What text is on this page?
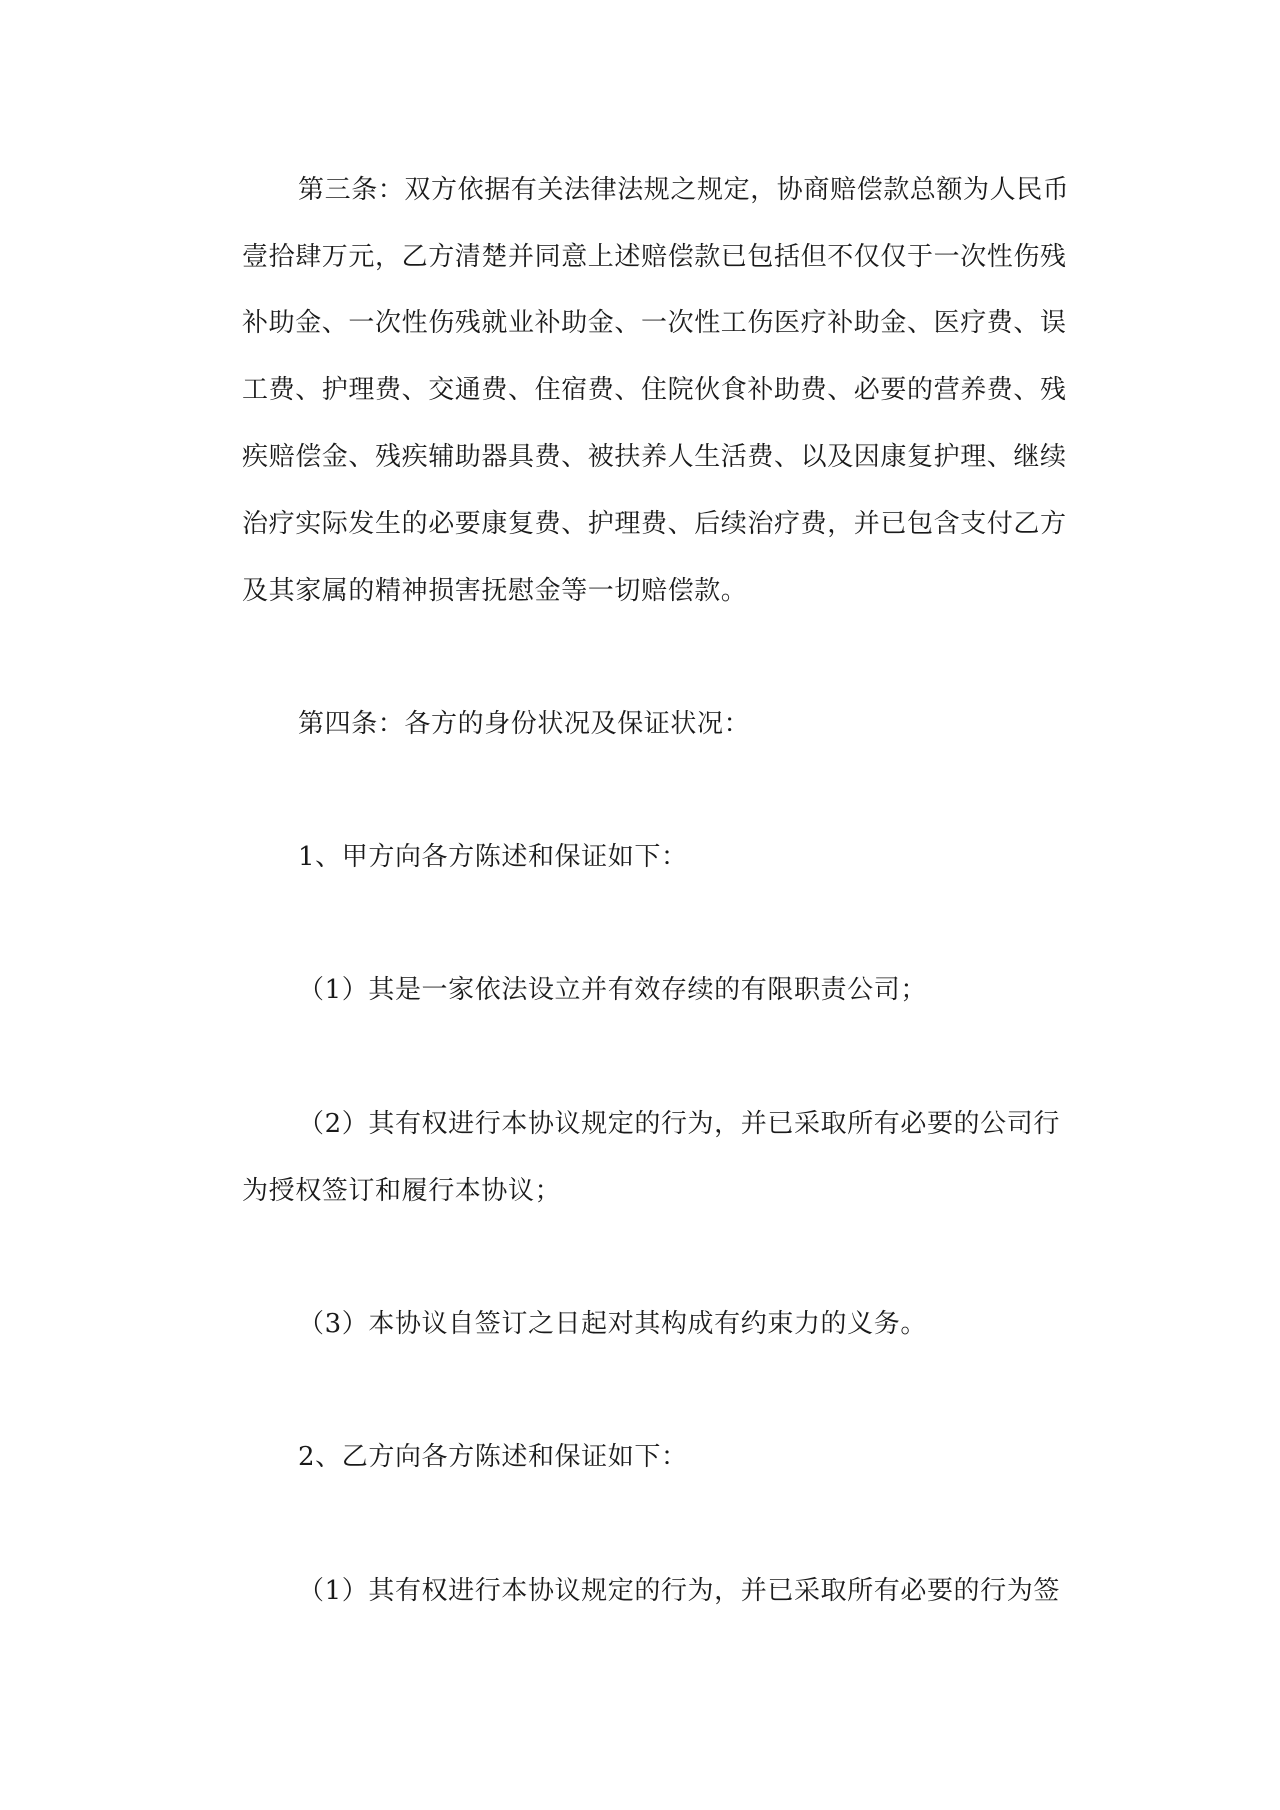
第三条：双方依据有关法律法规之规定，协商赔偿款总额为人民币
壹拾肆万元，乙方清楚并同意上述赔偿款已包括但不仅仅于一次性伤残
补助金、一次性伤残就业补助金、一次性工伤医疗补助金、医疗费、误
工费、护理费、交通费、住宿费、住院伙食补助费、必要的营养费、残
疾赔偿金、残疾辅助器具费、被扶养人生活费、以及因康复护理、继续
治疗实际发生的必要康复费、护理费、后续治疗费，并已包含支付乙方
及其家属的精神损害抚慰金等一切赔偿款。
第四条：各方的身份状况及保证状况：
1、甲方向各方陈述和保证如下：
（1）其是一家依法设立并有效存续的有限职责公司；
（2）其有权进行本协议规定的行为，并已采取所有必要的公司行
为授权签订和履行本协议；
（3）本协议自签订之日起对其构成有约束力的义务。
2、乙方向各方陈述和保证如下：
（1）其有权进行本协议规定的行为，并已采取所有必要的行为签
